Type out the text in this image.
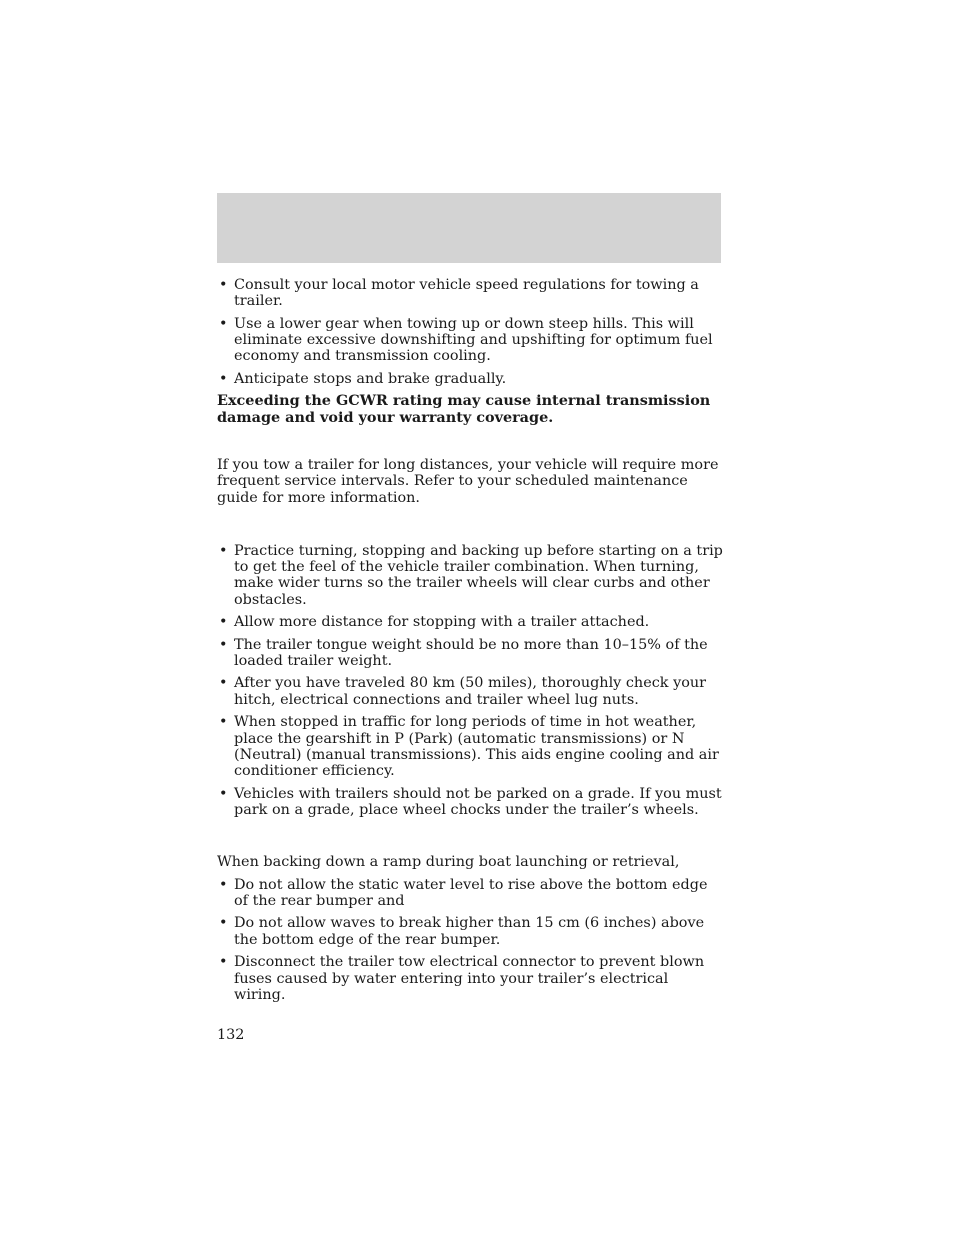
• Consult your local motor vehicle speed regulations for towing a trailer.
• Use a lower gear when towing up or down steep hills. This will eliminate excessive downshifting and upshifting for optimum fuel economy and transmission cooling.
• Anticipate stops and brake gradually.

Exceeding the GCWR rating may cause internal transmission damage and void your warranty coverage.

If you tow a trailer for long distances, your vehicle will require more frequent service intervals. Refer to your scheduled maintenance guide for more information.

• Practice turning, stopping and backing up before starting on a trip to get the feel of the vehicle trailer combination. When turning, make wider turns so the trailer wheels will clear curbs and other obstacles.
• Allow more distance for stopping with a trailer attached.
• The trailer tongue weight should be no more than 10–15% of the loaded trailer weight.
• After you have traveled 80 km (50 miles), thoroughly check your hitch, electrical connections and trailer wheel lug nuts.
• When stopped in traffic for long periods of time in hot weather, place the gearshift in P (Park) (automatic transmissions) or N (Neutral) (manual transmissions). This aids engine cooling and air conditioner efficiency.
• Vehicles with trailers should not be parked on a grade. If you must park on a grade, place wheel chocks under the trailer’s wheels.

When backing down a ramp during boat launching or retrieval,

• Do not allow the static water level to rise above the bottom edge of the rear bumper and
• Do not allow waves to break higher than 15 cm (6 inches) above the bottom edge of the rear bumper.
• Disconnect the trailer tow electrical connector to prevent blown fuses caused by water entering into your trailer’s electrical wiring.

132
